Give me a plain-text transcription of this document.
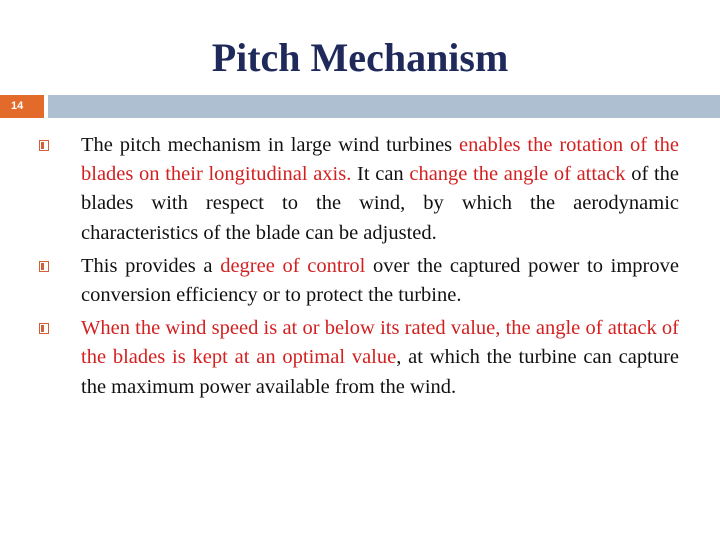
Pitch Mechanism
14
The pitch mechanism in large wind turbines enables the rotation of the blades on their longitudinal axis. It can change the angle of attack of the blades with respect to the wind, by which the aerodynamic characteristics of the blade can be adjusted.
This provides a degree of control over the captured power to improve conversion efficiency or to protect the turbine.
When the wind speed is at or below its rated value, the angle of attack of the blades is kept at an optimal value, at which the turbine can capture the maximum power available from the wind.
